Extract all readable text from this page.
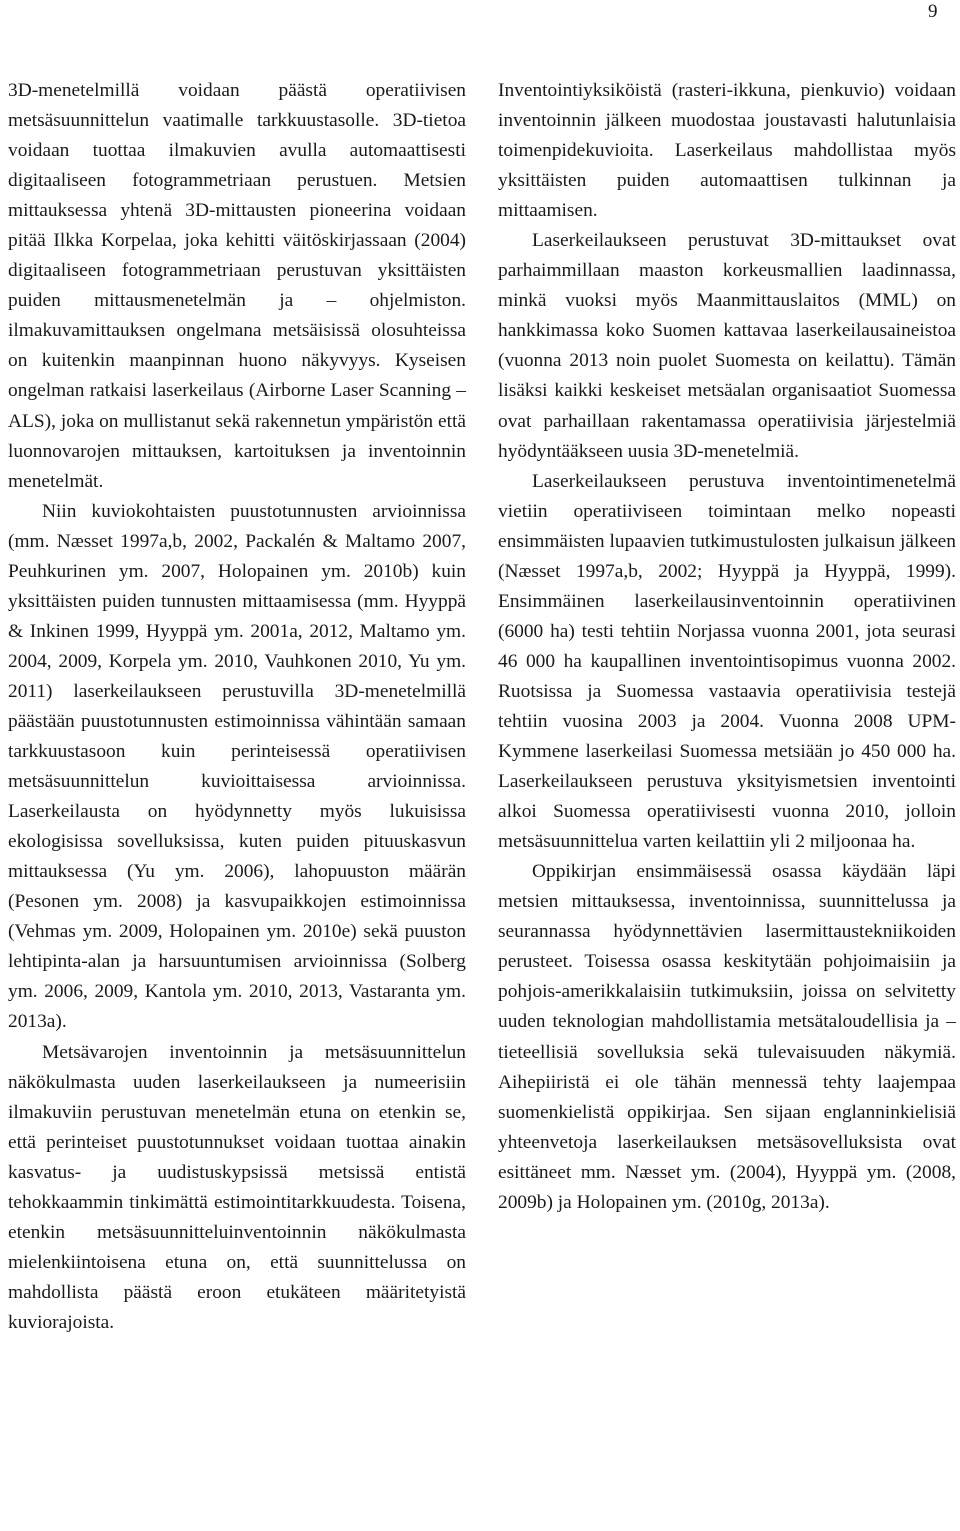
9

3D-menetelmillä voidaan päästä operatiivisen metsäsuunnittelun vaatimalle tarkkuustasolle. 3D-tietoa voidaan tuottaa ilmakuvien avulla automaattisesti digitaaliseen fotogrammetriaan perustuen. Metsien mittauksessa yhtenä 3D-mittausten pioneerina voidaan pitää Ilkka Korpelaa, joka kehitti väitöskirjassaan (2004) digitaaliseen fotogrammetriaan perustuvan yksittäisten puiden mittausmenetelmän ja – ohjelmiston. ilmakuvamittauksen ongelmana metsäisissä olosuhteissa on kuitenkin maanpinnan huono näkyvyys. Kyseisen ongelman ratkaisi laserkeilaus (Airborne Laser Scanning – ALS), joka on mullistanut sekä rakennetun ympäristön että luonnovarojen mittauksen, kartoituksen ja inventoinnin menetelmät.

Niin kuviokohtaisten puustotunnusten arvioinnissa (mm. Næsset 1997a,b, 2002, Packalén & Maltamo 2007, Peuhkurinen ym. 2007, Holopainen ym. 2010b) kuin yksittäisten puiden tunnusten mittaamisessa (mm. Hyyppä & Inkinen 1999, Hyyppä ym. 2001a, 2012, Maltamo ym. 2004, 2009, Korpela ym. 2010, Vauhkonen 2010, Yu ym. 2011) laserkeilaukseen perustuvilla 3D-menetelmillä päästään puustotunnusten estimoinnissa vähintään samaan tarkkuustasoon kuin perinteisessä operatiivisen metsäsuunnittelun kuvioittaisessa arvioinnissa. Laserkeilausta on hyödynnetty myös lukuisissa ekologisissa sovelluksissa, kuten puiden pituuskasvun mittauksessa (Yu ym. 2006), lahopuuston määrän (Pesonen ym. 2008) ja kasvupaikkojen estimoinnissa (Vehmas ym. 2009, Holopainen ym. 2010e) sekä puuston lehtipinta-alan ja harsuuntumisen arvioinnissa (Solberg ym. 2006, 2009, Kantola ym. 2010, 2013, Vastaranta ym. 2013a).

Metsävarojen inventoinnin ja metsäsuunnittelun näkökulmasta uuden laserkeilaukseen ja numeerisiin ilmakuviin perustuvan menetelmän etuna on etenkin se, että perinteiset puustotunnukset voidaan tuottaa ainakin kasvatus- ja uudistuskypsissä metsissä entistä tehokkaammin tinkimättä estimointitarkkuudesta. Toisena, etenkin metsäsuunnitteluinventoinnin näkökulmasta mielenkiintoisena etuna on, että suunnittelussa on mahdollista päästä eroon etukäteen määritetyistä kuviorajoista.

Inventointiyksiköistä (rasteri-ikkuna, pienkuvio) voidaan inventoinnin jälkeen muodostaa joustavasti halutunlaisia toimenpidekuvioita. Laserkeilaus mahdollistaa myös yksittäisten puiden automaattisen tulkinnan ja mittaamisen.

Laserkeilaukseen perustuvat 3D-mittaukset ovat parhaimmillaan maaston korkeusmallien laadinnassa, minkä vuoksi myös Maanmittauslaitos (MML) on hankkimassa koko Suomen kattavaa laserkeilausaineistoa (vuonna 2013 noin puolet Suomesta on keilattu). Tämän lisäksi kaikki keskeiset metsäalan organisaatiot Suomessa ovat parhaillaan rakentamassa operatiivisia järjestelmiä hyödyntääkseen uusia 3D-menetelmiä.

Laserkeilaukseen perustuva inventointimenetelmä vietiin operatiiviseen toimintaan melko nopeasti ensimmäisten lupaavien tutkimustulosten julkaisun jälkeen (Næsset 1997a,b, 2002; Hyyppä ja Hyyppä, 1999). Ensimmäinen laserkeilausinventoinnin operatiivinen (6000 ha) testi tehtiin Norjassa vuonna 2001, jota seurasi 46 000 ha kaupallinen inventointisopimus vuonna 2002. Ruotsissa ja Suomessa vastaavia operatiivisia testejä tehtiin vuosina 2003 ja 2004. Vuonna 2008 UPM-Kymmene laserkeilasi Suomessa metsiään jo 450 000 ha. Laserkeilaukseen perustuva yksityismetsien inventointi alkoi Suomessa operatiivisesti vuonna 2010, jolloin metsäsuunnittelua varten keilattiin yli 2 miljoonaa ha.

Oppikirjan ensimmäisessä osassa käydään läpi metsien mittauksessa, inventoinnissa, suunnittelussa ja seurannassa hyödynnettävien lasermittaustekniikoiden perusteet. Toisessa osassa keskitytään pohjoimaisiin ja pohjois-amerikkalaisiin tutkimuksiin, joissa on selvitetty uuden teknologian mahdollistamia metsätaloudellisia ja –tieteellisiä sovelluksia sekä tulevaisuuden näkymiä. Aihepiiristä ei ole tähän mennessä tehty laajempaa suomenkielistä oppikirjaa. Sen sijaan englanninkielisiä yhteenvetoja laserkeilauksen metsäsovelluksista ovat esittäneet mm. Næsset ym. (2004), Hyyppä ym. (2008, 2009b) ja Holopainen ym. (2010g, 2013a).
